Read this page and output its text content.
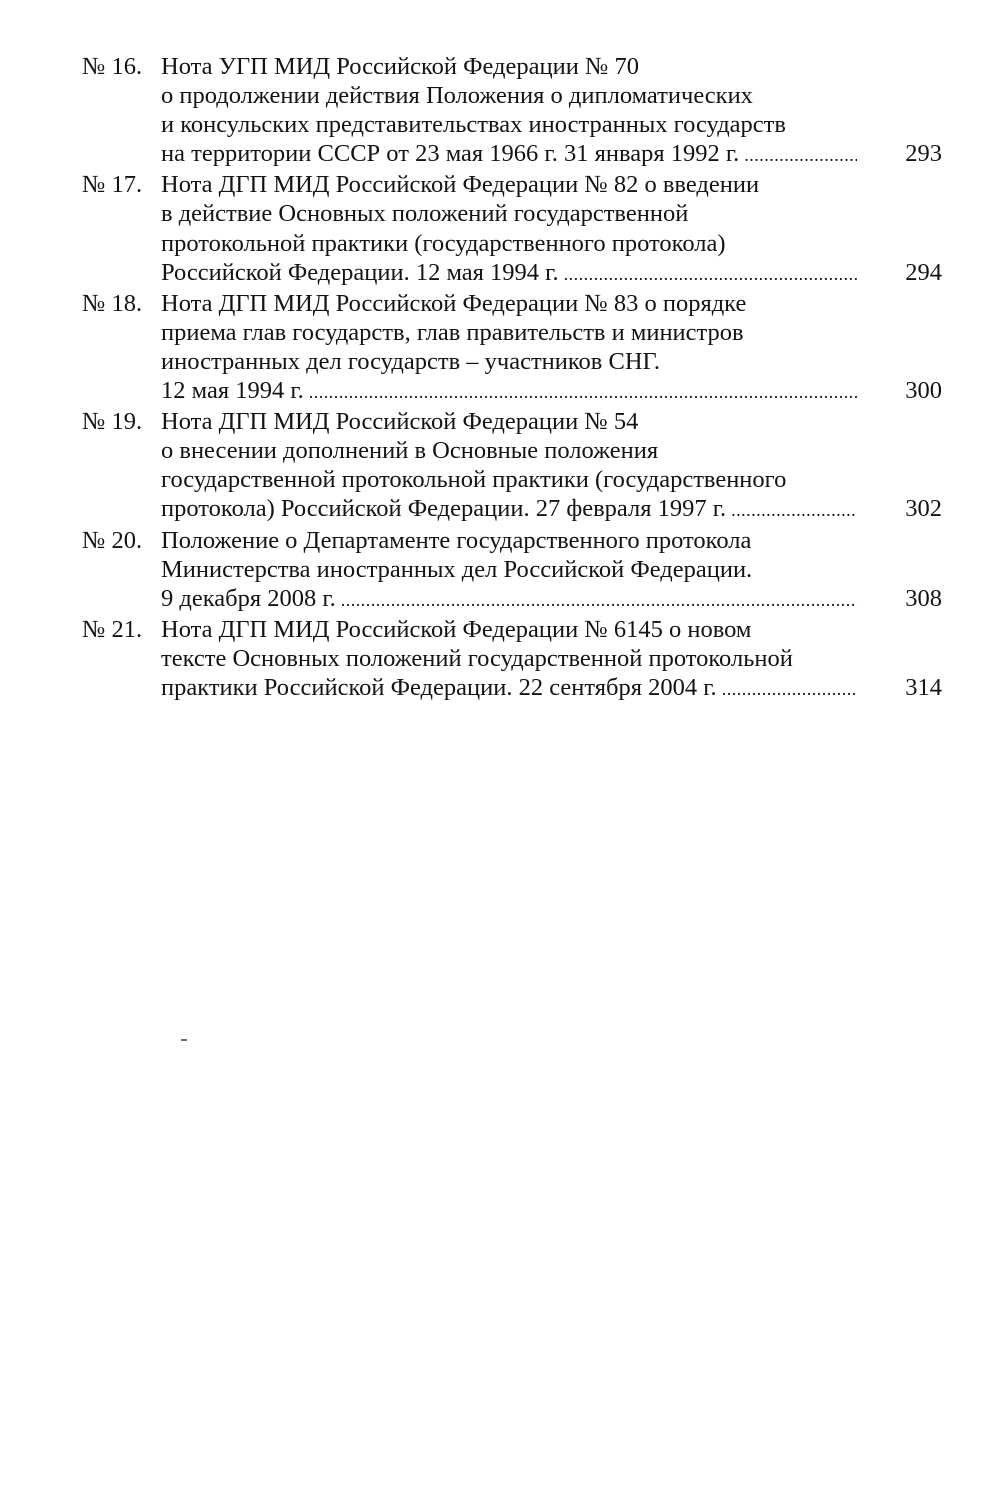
№ 16. Нота УГП МИД Российской Федерации № 70
о продолжении действия Положения о дипломатических
и консульских представительствах иностранных государств
на территории СССР от 23 мая 1966 г. 31 января 1992 г. .....	293
№ 17. Нота ДГП МИД Российской Федерации № 82 о введении
в действие Основных положений государственной
протокольной практики (государственного протокола)
Российской Федерации. 12 мая 1994 г. .....	294
№ 18. Нота ДГП МИД Российской Федерации № 83 о порядке
приема глав государств, глав правительств и министров
иностранных дел государств – участников СНГ.
12 мая 1994 г. .....	300
№ 19. Нота ДГП МИД Российской Федерации № 54
о внесении дополнений в Основные положения
государственной протокольной практики (государственного
протокола) Российской Федерации. 27 февраля 1997 г. .....	302
№ 20. Положение о Департаменте государственного протокола
Министерства иностранных дел Российской Федерации.
9 декабря 2008 г. .....	308
№ 21. Нота ДГП МИД Российской Федерации № 6145 о новом
тексте Основных положений государственной протокольной
практики Российской Федерации. 22 сентября 2004 г. .....	314
